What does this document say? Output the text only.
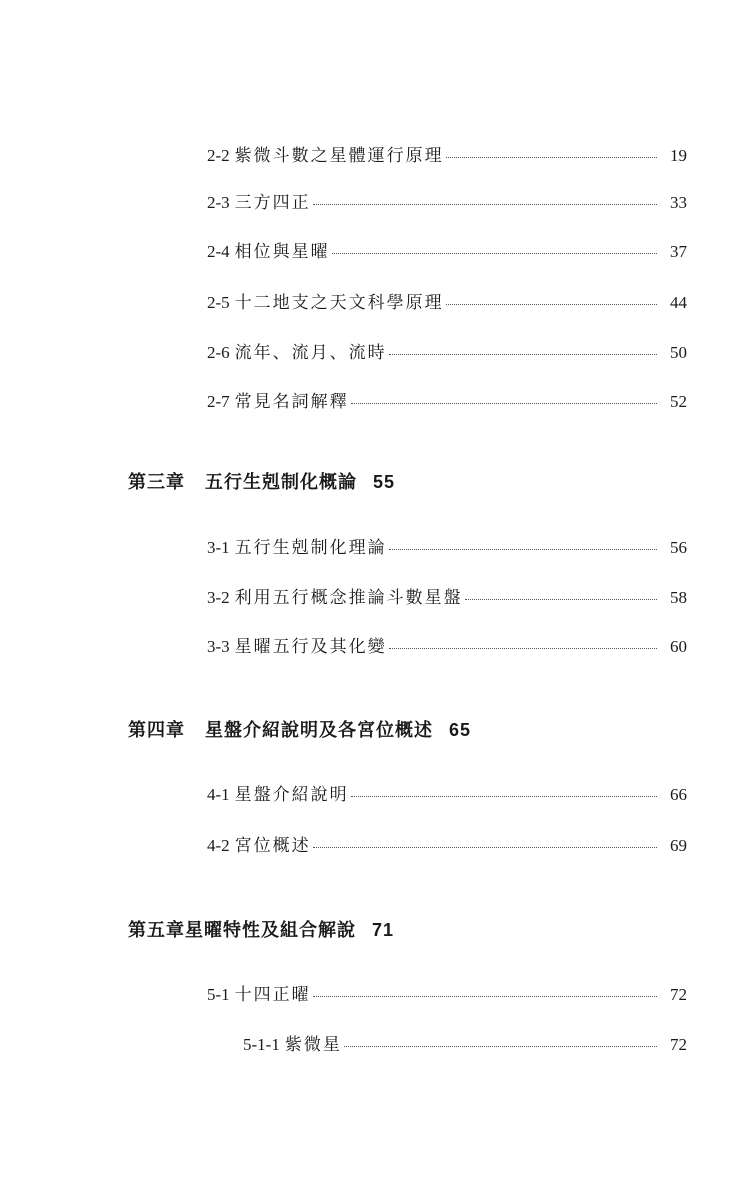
2-2 紫微斗數之星體運行原理	19
2-3 三方四正	33
2-4 相位與星曜	37
2-5 十二地支之天文科學原理	44
2-6 流年、流月、流時	50
2-7 常見名詞解釋	52
第三章 五行生剋制化概論 55
3-1 五行生剋制化理論	56
3-2 利用五行概念推論斗數星盤	58
3-3 星曜五行及其化變	60
第四章 星盤介紹說明及各宮位概述 65
4-1 星盤介紹說明	66
4-2 宮位概述	69
第五章星曜特性及組合解說 71
5-1 十四正曜	72
5-1-1 紫微星	72
